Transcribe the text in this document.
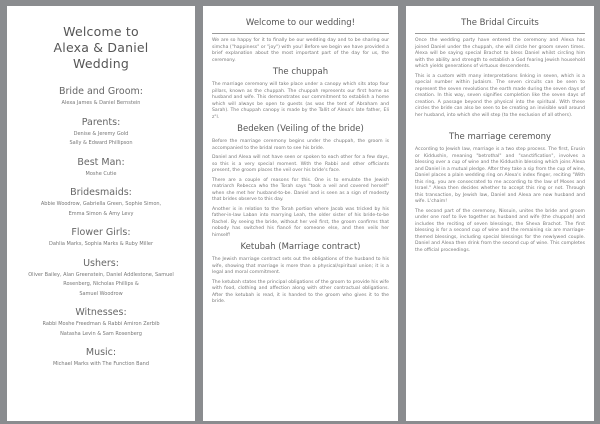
Welcome to
Alexa & Daniel
Wedding
Bride and Groom:
Alexa James & Daniel Bernstein
Parents:
Denise & Jeremy Gold
Sally & Edward Phillipson
Best Man:
Moshe Cutie
Bridesmaids:
Abbie Woodrow, Gabriella Green, Sophie Simon,
Emma Simon & Amy Levy
Flower Girls:
Dahlia Marks, Sophia Marks & Ruby Miller
Ushers:
Oliver Bailey, Alan Greenstein, Daniel Addlestone, Samuel
Rosenberg, Nicholas Phillips &
Samuel Woodrow
Witnesses:
Rabbi Moshe Freedman & Rabbi Amiron Zerbib
Natasha Levin & Sam Rosenberg
Music:
Michael Marks with The Function Band
Welcome to our wedding!

We are so happy for it to finally be our wedding day and to be sharing our simcha ("happiness" or "joy") with you! Before we begin we have provided a brief explanation about the most important part of the day for us, the ceremony.

The chuppah

The marriage ceremony will take place under a canopy which sits atop four pillars, known as the chuppah. The chuppah represents our first home as husband and wife. This demonstrates our commitment to establish a home which will always be open to guests (as was the tent of Abraham and Sarah). The chuppah canopy is made by the Tallit of Alexa's late father, Eli z"l.

Bedeken (Veiling of the bride)

Before the marriage ceremony begins under the chuppah, the groom is accompanied to the bridal room to see his bride.

Daniel and Alexa will not have seen or spoken to each other for a few days, so this is a very special moment. With the Rabbi and other officiants present, the groom places the veil over his bride's face.

There are a couple of reasons for this. One is to emulate the Jewish matriarch Rebecca who the Torah says "took a veil and covered herself" when she met her husband-to-be. Daniel and is seen as a sign of modesty that brides observe to this day.

Another is in relation to the Torah portion where Jacob was tricked by his father-in-law Laban into marrying Leah, the older sister of his bride-to-be Rachel. By seeing the bride, without her veil first, the groom confirms that nobody has switched his fiancé for someone else, and then veils her himself!

Ketubah (Marriage contract)

The Jewish marriage contract sets out the obligations of the husband to his wife, showing that marriage is more than a physical/spiritual union; it is a legal and moral commitment.

The ketubah states the principal obligations of the groom to provide his wife with food, clothing and affection along with other contractual obligations. After the ketubah is read, it is handed to the groom who gives it to the bride.

The Bridal Circuits

Once the wedding party have entered the ceremony and Alexa has joined Daniel under the chuppah, she will circle her groom seven times. Alexa will be saying special Brachot to bless Daniel whilst circling him with the ability and strength to establish a God fearing Jewish household which yields generations of virtuous descendents.

This is a custom with many interpretations linking in seven, which is a special number within Judaism. The seven circuits can be seen to represent the seven revolutions the earth made during the seven days of creation. In this way, seven signifies completion like the seven days of creation. A passage beyond the physical into the spiritual. With these circles the bride can also be seen to be creating an invisible wall around her husband, into which she will step (to the exclusion of all others).

The marriage ceremony

According to Jewish law, marriage is a two step process. The first, Erusin or Kiddushin, meaning "betrothal" and "sanctification", involves a blessing over a cup of wine and the Kiddushin blessing which joins Alexa and Daniel in a mutual pledge. After they take a sip from the cup of wine, Daniel places a plain wedding ring on Alexa's index finger, reciting "With this ring, you are consecrated to me according to the law of Moses and Israel." Alexa then decides whether to accept this ring or not. Through this transaction, by Jewish law, Daniel and Alexa are now husband and wife. L'chaim!

The second part of the ceremony, Nissuin, unites the bride and groom under one roof to live together as husband and wife (the chuppah) and includes the reciting of seven blessings, the Sheva Brachot. The first blessing is for a second cup of wine and the remaining six are marriage-themed blessings, including special blessings for the newlywed couple. Daniel and Alexa then drink from the second cup of wine. This completes the official proceedings.
